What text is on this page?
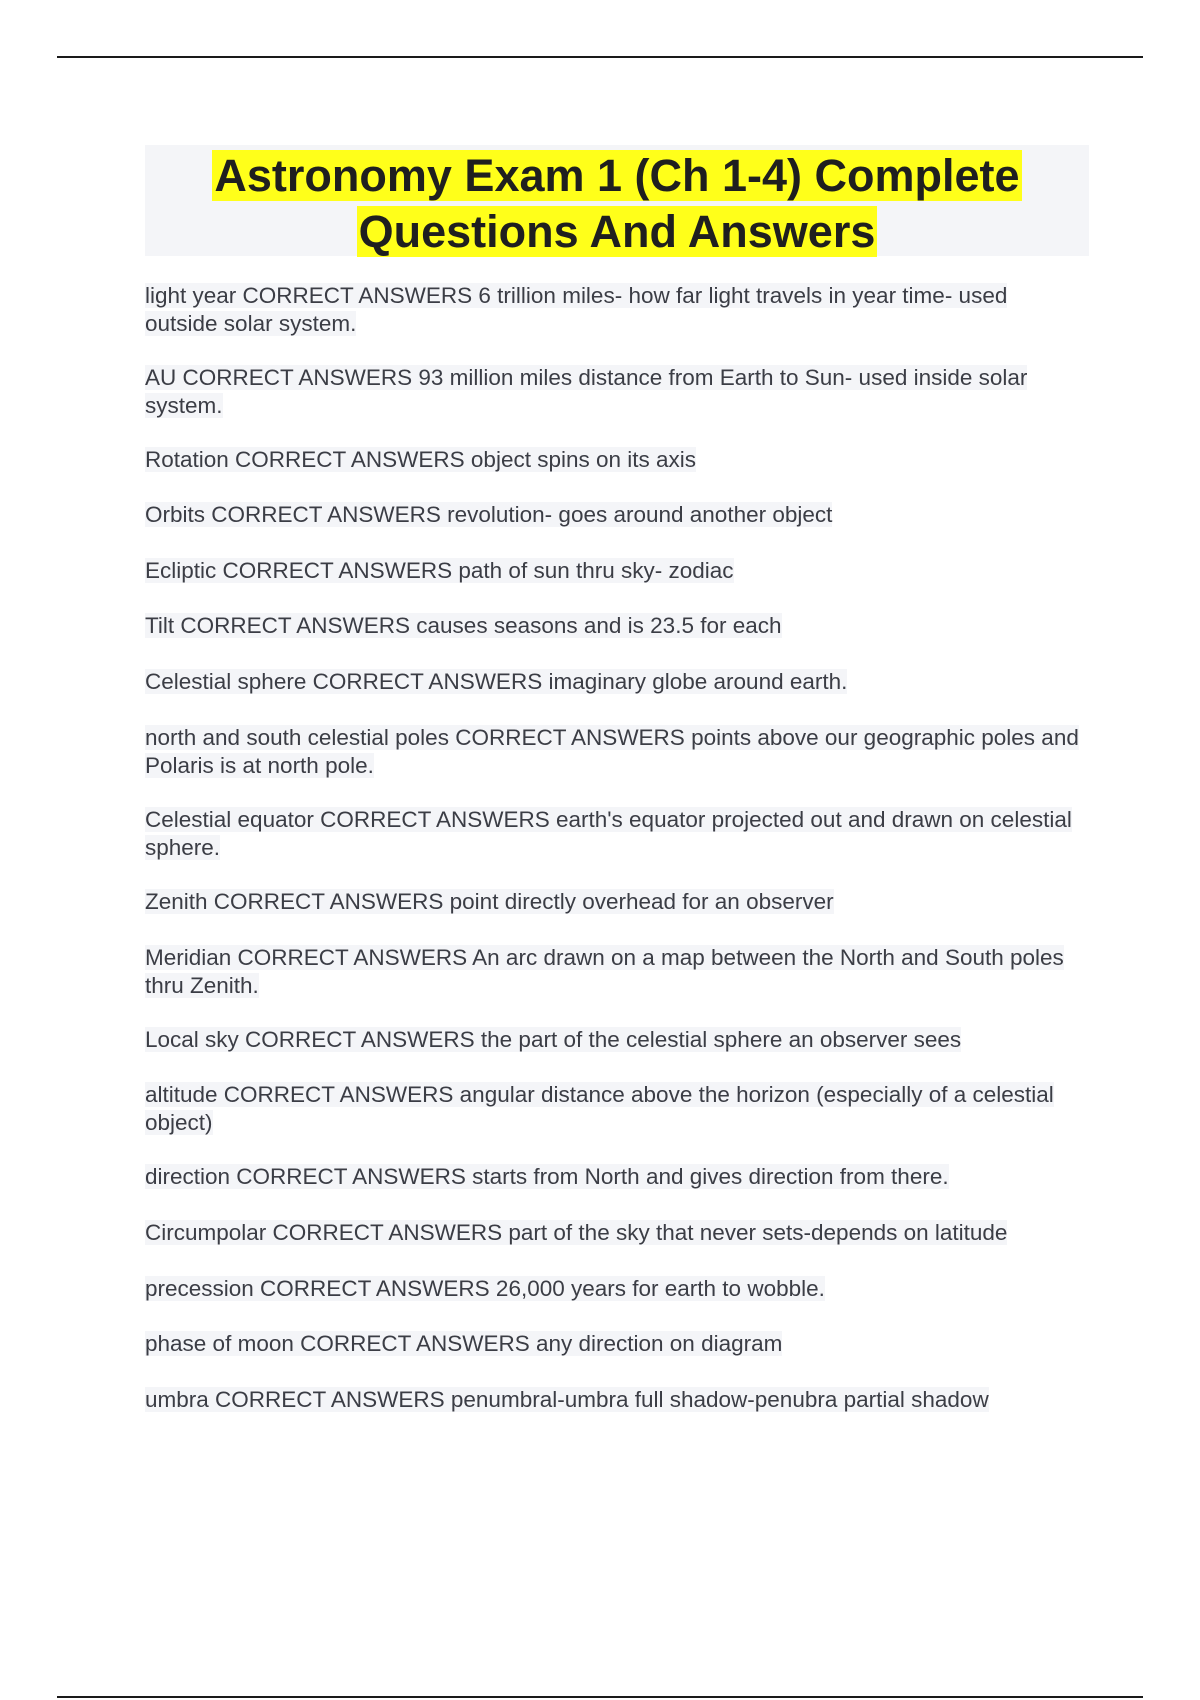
Astronomy Exam 1 (Ch 1-4) Complete
Questions And Answers
light year CORRECT ANSWERS 6 trillion miles- how far light travels in year time- used outside solar system.
AU CORRECT ANSWERS 93 million miles distance from Earth to Sun- used inside solar system.
Rotation CORRECT ANSWERS object spins on its axis
Orbits CORRECT ANSWERS revolution- goes around another object
Ecliptic CORRECT ANSWERS path of sun thru sky- zodiac
Tilt CORRECT ANSWERS causes seasons and is 23.5 for each
Celestial sphere CORRECT ANSWERS imaginary globe around earth.
north and south celestial poles CORRECT ANSWERS points above our geographic poles and Polaris is at north pole.
Celestial equator CORRECT ANSWERS earth's equator projected out and drawn on celestial sphere.
Zenith CORRECT ANSWERS point directly overhead for an observer
Meridian CORRECT ANSWERS An arc drawn on a map between the North and South poles thru Zenith.
Local sky CORRECT ANSWERS the part of the celestial sphere an observer sees
altitude CORRECT ANSWERS angular distance above the horizon (especially of a celestial object)
direction CORRECT ANSWERS starts from North and gives direction from there.
Circumpolar CORRECT ANSWERS part of the sky that never sets-depends on latitude
precession CORRECT ANSWERS 26,000 years for earth to wobble.
phase of moon CORRECT ANSWERS any direction on diagram
umbra CORRECT ANSWERS penumbral-umbra full shadow-penubra partial shadow
